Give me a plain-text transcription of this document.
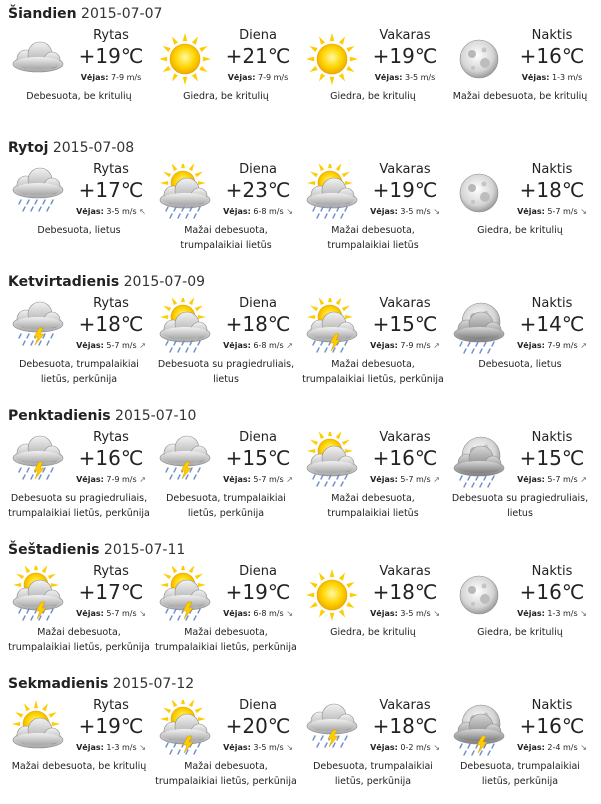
Šiandien 2015-07-07
Rytas
+19℃
Vėjas: 7-9 m/s
Debesuota, be kritulių
Diena
+21℃
Vėjas: 7-9 m/s
Giedra, be kritulių
Vakaras
+19℃
Vėjas: 3-5 m/s
Giedra, be kritulių
Naktis
+16℃
Vėjas: 1-3 m/s
Mažai debesuota, be kritulių
Rytoj 2015-07-08
Rytas
+17℃
Vėjas: 3-5 m/s ↖
Debesuota, lietus
Diena
+23℃
Vėjas: 6-8 m/s ↘
Mažai debesuota, trumpalaikiai lietūs
Vakaras
+19℃
Vėjas: 3-5 m/s ↘
Mažai debesuota, trumpalaikiai lietūs
Naktis
+18℃
Vėjas: 5-7 m/s ↘
Giedra, be kritulių
Ketvirtadienis 2015-07-09
Rytas
+18℃
Vėjas: 5-7 m/s ↗
Debesuota, trumpalaikiai lietūs, perkūnija
Diena
+18℃
Vėjas: 6-8 m/s ↗
Debesuota su pragiedruliais, lietus
Vakaras
+15℃
Vėjas: 7-9 m/s ↗
Mažai debesuota, trumpalaikiai lietūs, perkūnija
Naktis
+14℃
Vėjas: 7-9 m/s ↗
Debesuota, lietus
Penktadienis 2015-07-10
Rytas
+16℃
Vėjas: 7-9 m/s ↗
Debesuota su pragiedruliais, trumpalaikiai lietūs, perkūnija
Diena
+15℃
Vėjas: 5-7 m/s ↗
Debesuota, trumpalaikiai lietūs, perkūnija
Vakaras
+16℃
Vėjas: 5-7 m/s ↗
Mažai debesuota, trumpalaikiai lietūs
Naktis
+15℃
Vėjas: 5-7 m/s ↗
Debesuota su pragiedruliais, lietus
Šeštadienis 2015-07-11
Rytas
+17℃
Vėjas: 5-7 m/s ↘
Mažai debesuota, trumpalaikiai lietūs, perkūnija
Diena
+19℃
Vėjas: 6-8 m/s ↘
Mažai debesuota, trumpalaikiai lietūs, perkūnija
Vakaras
+18℃
Vėjas: 3-5 m/s ↘
Giedra, be kritulių
Naktis
+16℃
Vėjas: 1-3 m/s ↘
Giedra, be kritulių
Sekmadienis 2015-07-12
Rytas
+19℃
Vėjas: 1-3 m/s ↘
Mažai debesuota, be kritulių
Diena
+20℃
Vėjas: 3-5 m/s ↘
Mažai debesuota, trumpalaikiai lietūs, perkūnija
Vakaras
+18℃
Vėjas: 0-2 m/s ↘
Debesuota, trumpalaikiai lietūs, perkūnija
Naktis
+16℃
Vėjas: 2-4 m/s ↘
Debesuota, trumpalaikiai lietūs, perkūnija
